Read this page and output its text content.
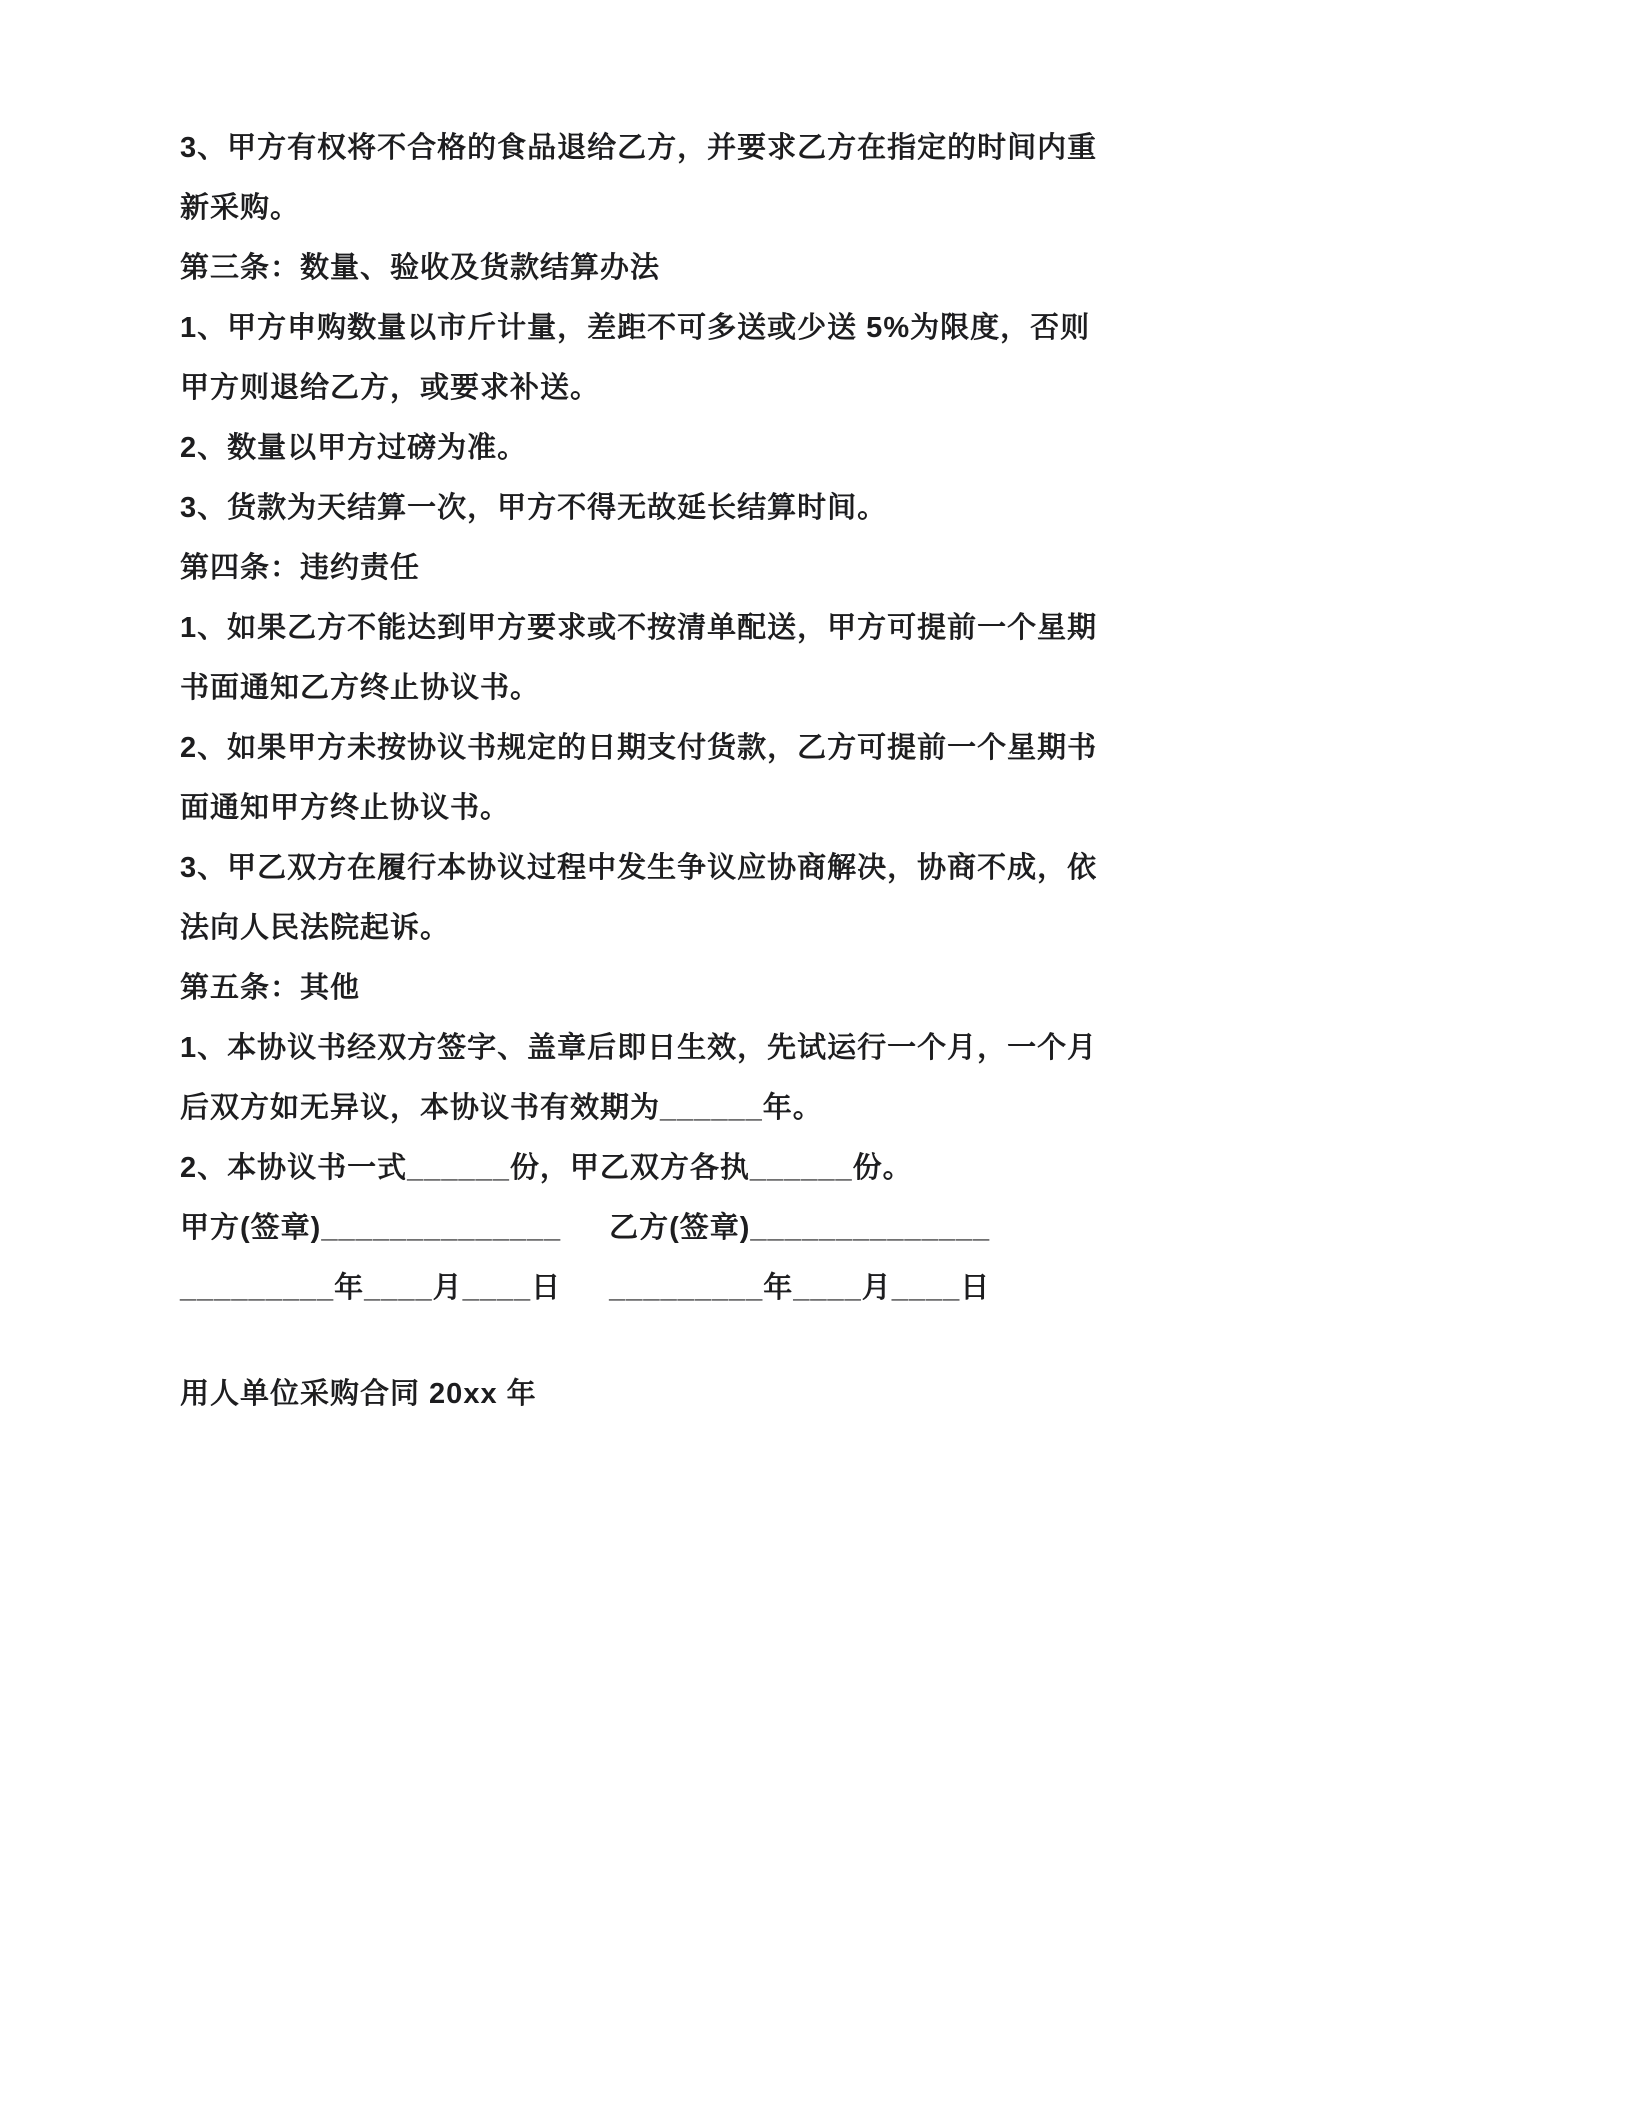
3、甲方有权将不合格的食品退给乙方，并要求乙方在指定的时间内重
新采购。
第三条：数量、验收及货款结算办法
1、甲方申购数量以市斤计量，差距不可多送或少送 5%为限度，否则
甲方则退给乙方，或要求补送。
2、数量以甲方过磅为准。
3、货款为天结算一次，甲方不得无故延长结算时间。
第四条：违约责任
1、如果乙方不能达到甲方要求或不按清单配送，甲方可提前一个星期
书面通知乙方终止协议书。
2、如果甲方未按协议书规定的日期支付货款，乙方可提前一个星期书
面通知甲方终止协议书。
3、甲乙双方在履行本协议过程中发生争议应协商解决，协商不成，依
法向人民法院起诉。
第五条：其他
1、本协议书经双方签字、盖章后即日生效，先试运行一个月，一个月
后双方如无异议，本协议书有效期为______年。
2、本协议书一式______份，甲乙双方各执______份。
甲方(签章)______________ 乙方(签章)______________
_________年____月____日 _________年____月____日
用人单位采购合同 20xx 年
